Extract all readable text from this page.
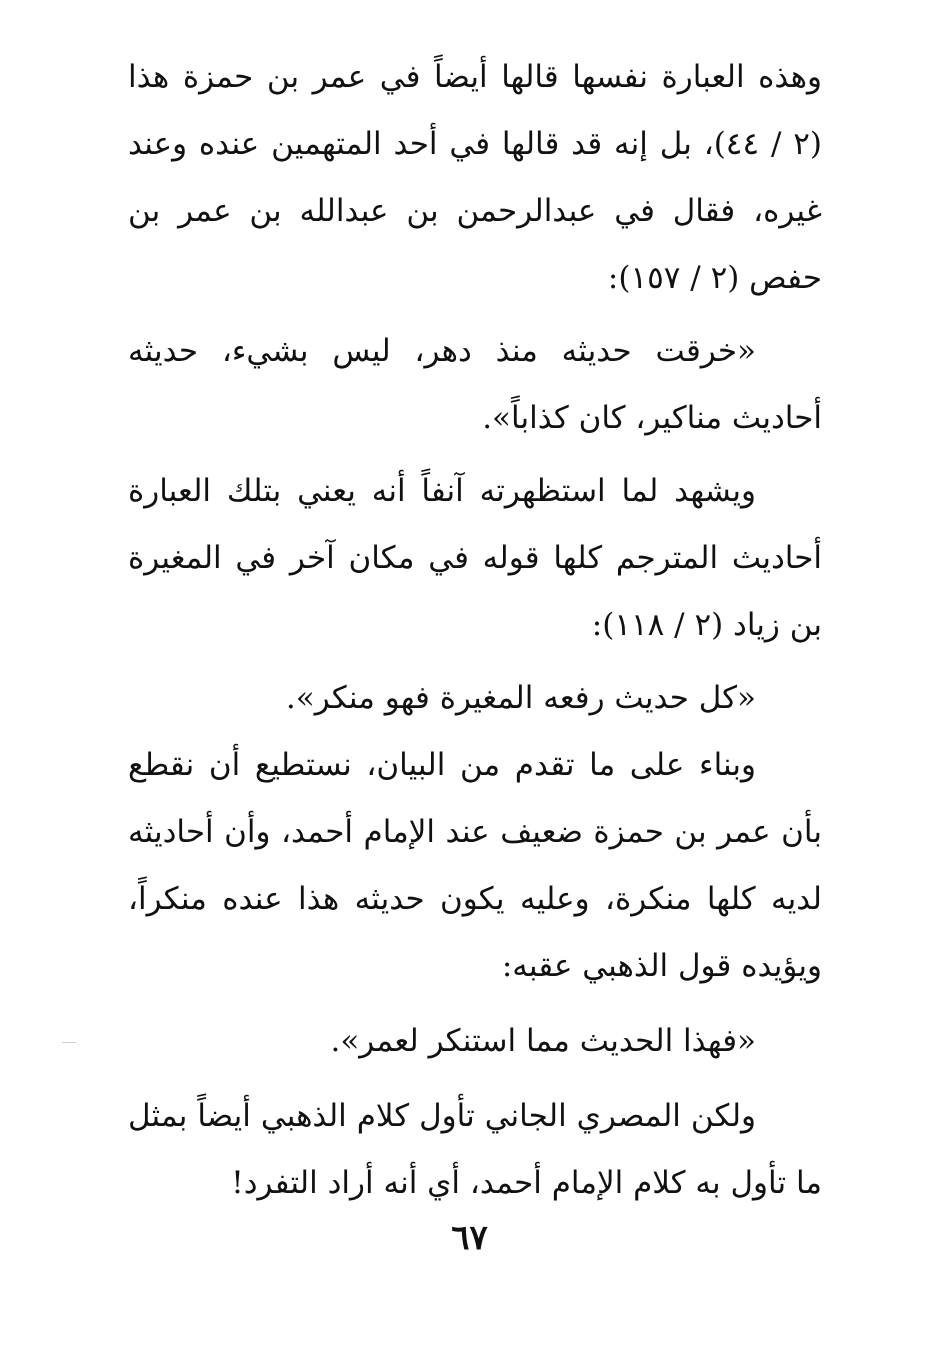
وهذه العبارة نفسها قالها أيضاً في عمر بن حمزة هذا (٢ / ٤٤)، بل إنه قد قالها في أحد المتهمين عنده وعند غيره، فقال في عبدالرحمن بن عبدالله بن عمر بن حفص (٢ / ١٥٧):

«خرقت حديثه منذ دهر، ليس بشيء، حديثه أحاديث مناكير، كان كذاباً».

ويشهد لما استظهرته آنفاً أنه يعني بتلك العبارة أحاديث المترجم كلها قوله في مكان آخر في المغيرة بن زياد (٢ / ١١٨):

«كل حديث رفعه المغيرة فهو منكر».

وبناء على ما تقدم من البيان، نستطيع أن نقطع بأن عمر بن حمزة ضعيف عند الإمام أحمد، وأن أحاديثه لديه كلها منكرة، وعليه يكون حديثه هذا عنده منكراً، ويؤيده قول الذهبي عقبه:

«فهذا الحديث مما استنكر لعمر».

ولكن المصري الجاني تأول كلام الذهبي أيضاً بمثل ما تأول به كلام الإمام أحمد، أي أنه أراد التفرد!

٦٧
